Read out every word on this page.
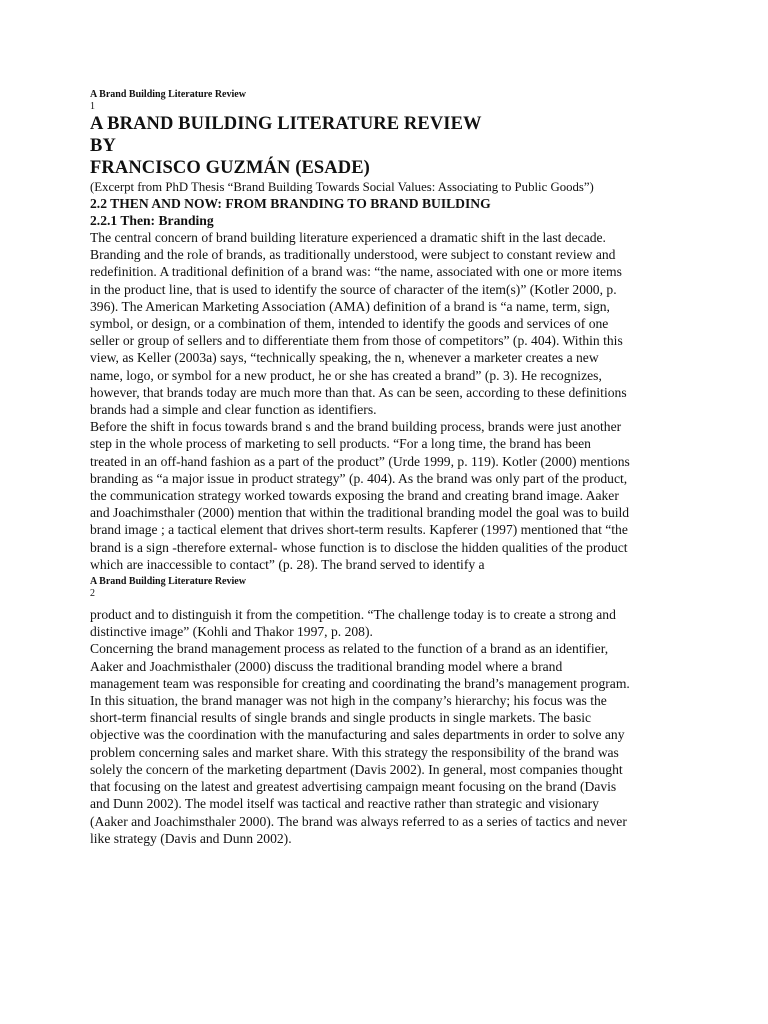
A Brand Building Literature Review
1
A BRAND BUILDING LITERATURE REVIEW
BY
FRANCISCO GUZMÁN (ESADE)
(Excerpt from PhD Thesis “Brand Building Towards Social Values: Associating to Public Goods”)
2.2 THEN AND NOW: FROM BRANDING TO BRAND BUILDING
2.2.1 Then: Branding

The central concern of brand building literature experienced a dramatic shift in the last decade. Branding and the role of brands, as traditionally understood, were subject to constant review and redefinition. A traditional definition of a brand was: “the name, associated with one or more items in the product line, that is used to identify the source of character of the item(s)” (Kotler 2000, p. 396). The American Marketing Association (AMA) definition of a brand is “a name, term, sign, symbol, or design, or a combination of them, intended to identify the goods and services of one seller or group of sellers and to differentiate them from those of competitors” (p. 404). Within this view, as Keller (2003a) says, “technically speaking, the n, whenever a marketer creates a new name, logo, or symbol for a new product, he or she has created a brand” (p. 3). He recognizes, however, that brands today are much more than that. As can be seen, according to these definitions brands had a simple and clear function as identifiers.

Before the shift in focus towards brand s and the brand building process, brands were just another step in the whole process of marketing to sell products. “For a long time, the brand has been treated in an off-hand fashion as a part of the product” (Urde 1999, p. 119). Kotler (2000) mentions branding as “a major issue in product strategy” (p. 404). As the brand was only part of the product, the communication strategy worked towards exposing the brand and creating brand image. Aaker and Joachimsthaler (2000) mention that within the traditional branding model the goal was to build brand image ; a tactical element that drives short-term results. Kapferer (1997) mentioned that “the brand is a sign -therefore external- whose function is to disclose the hidden qualities of the product which are inaccessible to contact” (p. 28). The brand served to identify a

A Brand Building Literature Review
2

product and to distinguish it from the competition. “The challenge today is to create a strong and distinctive image” (Kohli and Thakor 1997, p. 208).

Concerning the brand management process as related to the function of a brand as an identifier, Aaker and Joachmisthaler (2000) discuss the traditional branding model where a brand management team was responsible for creating and coordinating the brand’s management program. In this situation, the brand manager was not high in the company’s hierarchy; his focus was the short-term financial results of single brands and single products in single markets. The basic objective was the coordination with the manufacturing and sales departments in order to solve any problem concerning sales and market share. With this strategy the responsibility of the brand was solely the concern of the marketing department (Davis 2002). In general, most companies thought that focusing on the latest and greatest advertising campaign meant focusing on the brand (Davis and Dunn 2002). The model itself was tactical and reactive rather than strategic and visionary (Aaker and Joachimsthaler 2000). The brand was always referred to as a series of tactics and never like strategy (Davis and Dunn 2002).
